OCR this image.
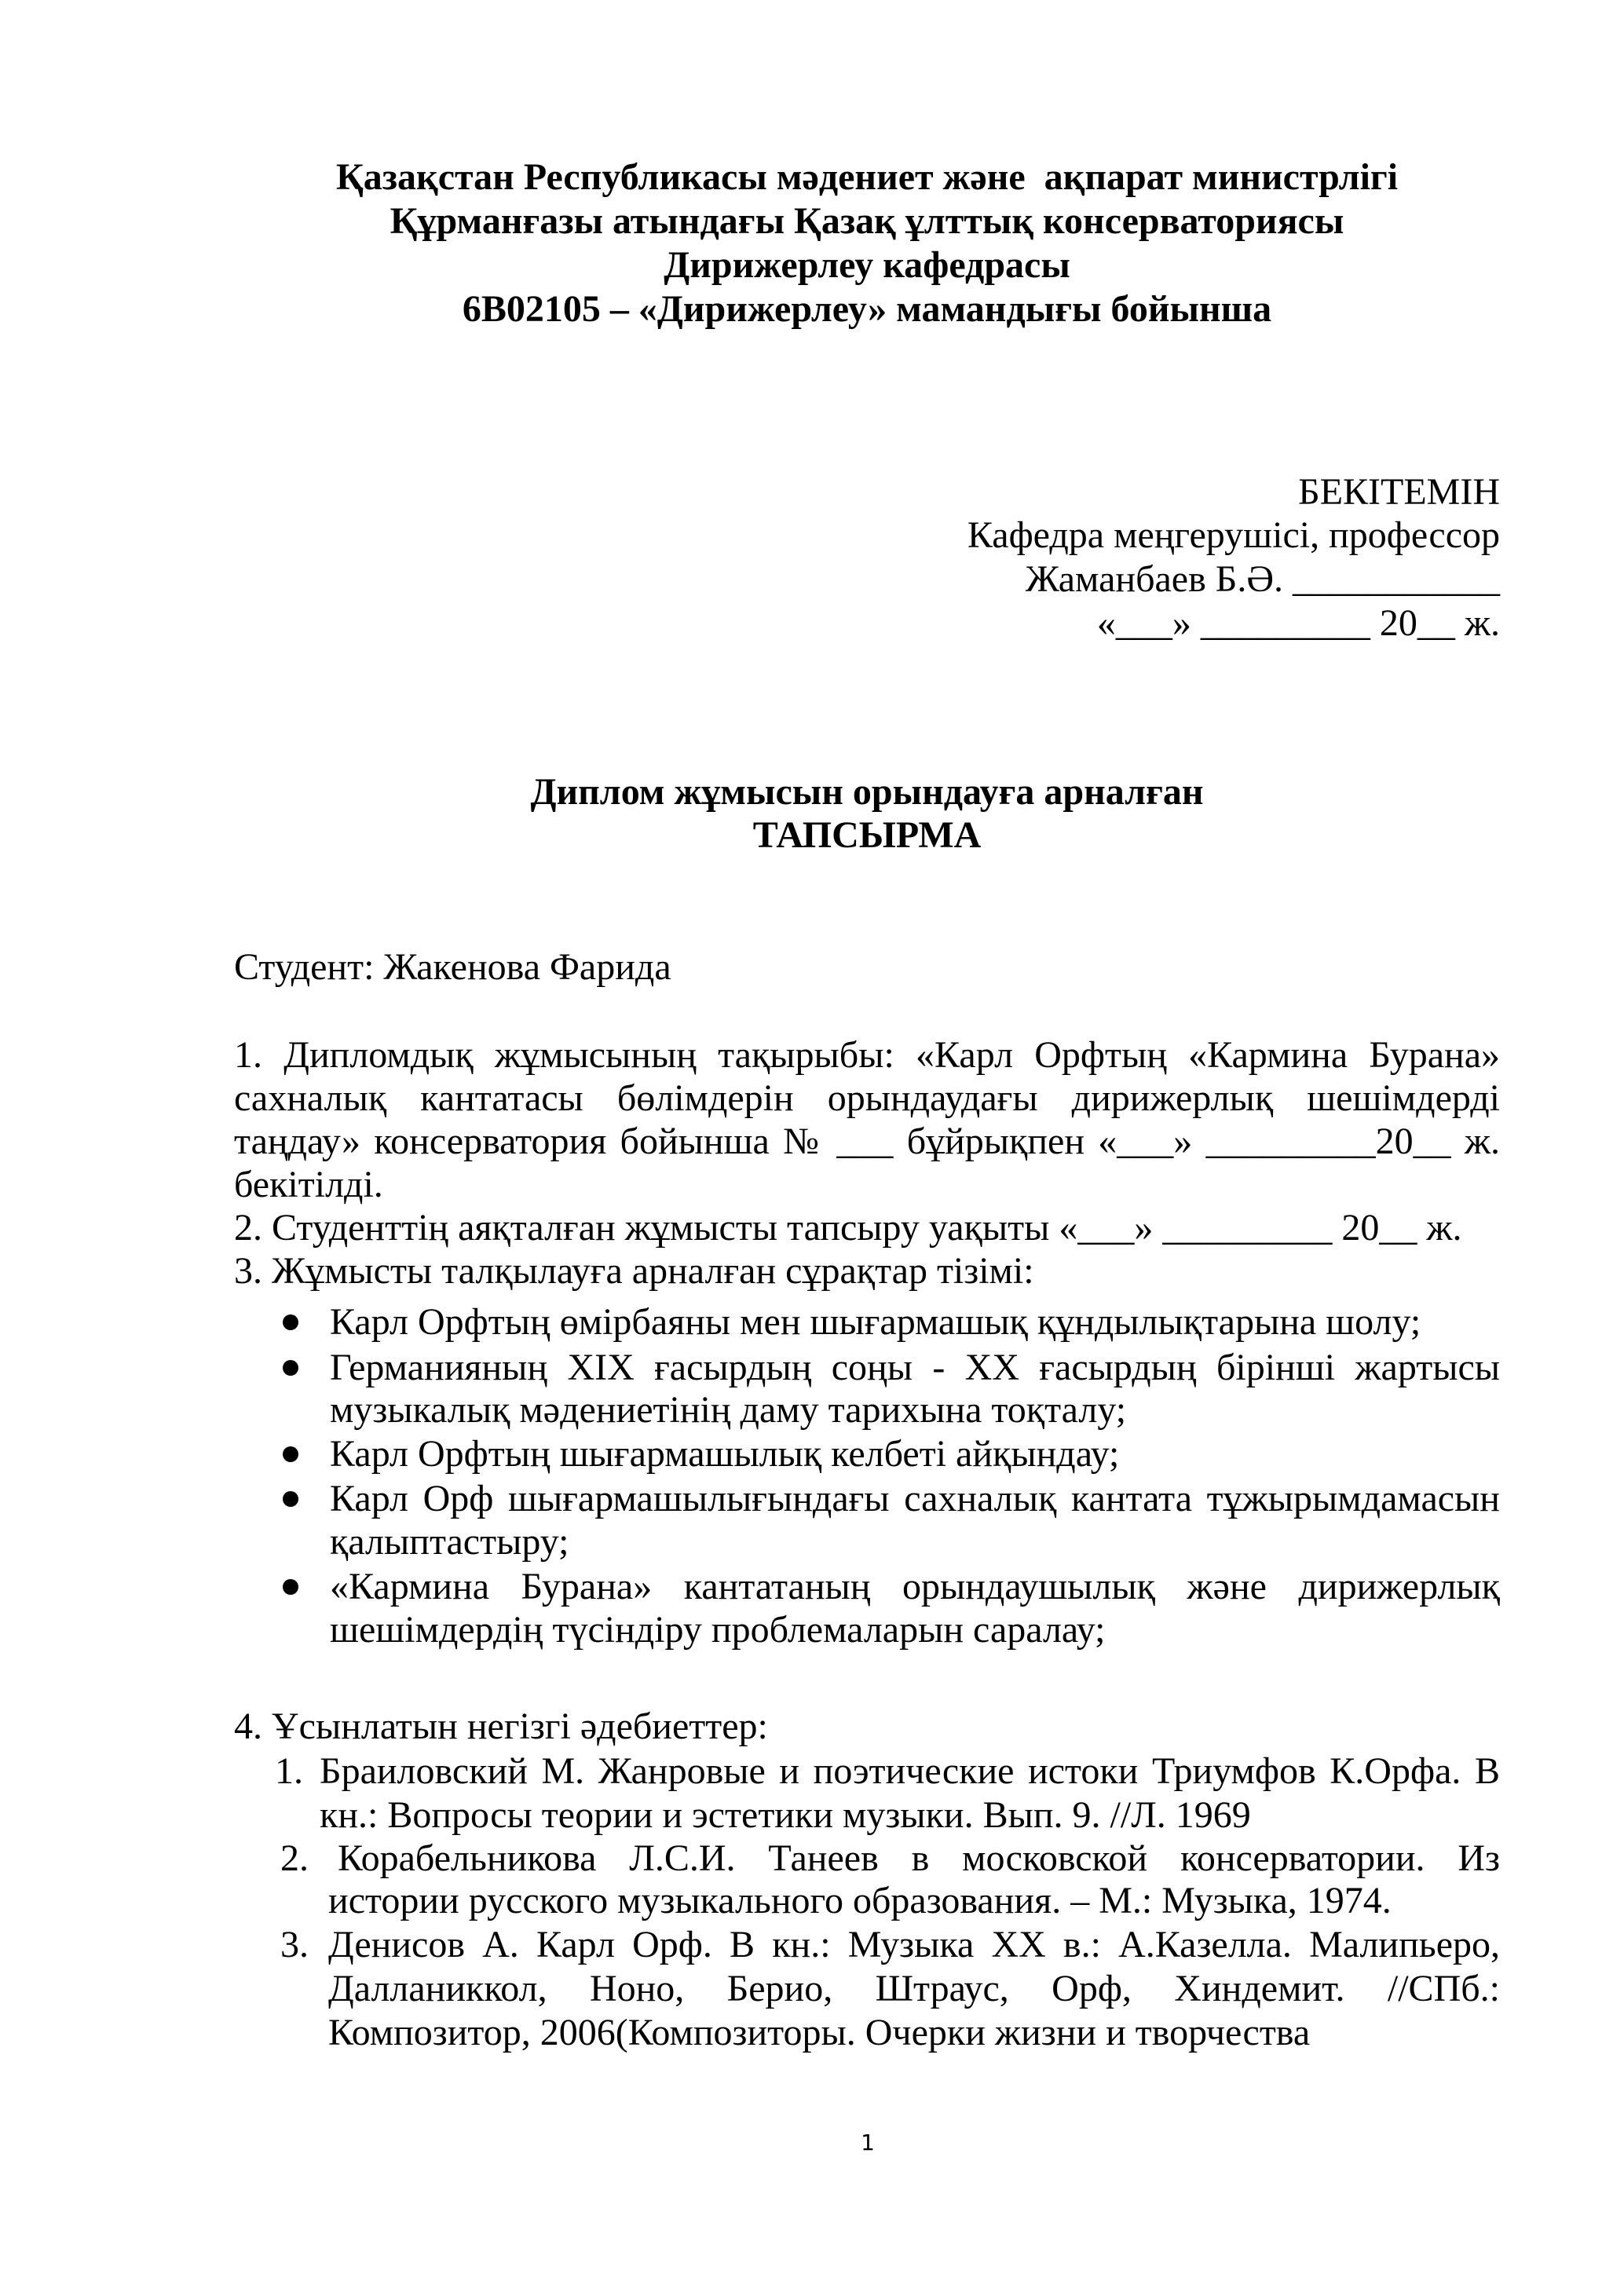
Қазақстан Республикасы мәдениет және  ақпарат министрлігі
Құрманғазы атындағы Қазақ ұлттық консерваториясы
Дирижерлеу кафедрасы
6В02105 – «Дирижерлеу» мамандығы бойынша
БЕКІТЕМІН
Кафедра меңгерушісі, профессор
Жаманбаев Б.Ә. ___________
«___» _________ 20__ ж.
Диплом жұмысын орындауға арналған
ТАПСЫРМА
Студент: Жакенова Фарида
1. Дипломдық жұмысының тақырыбы: «Карл Орфтың «Кармина Бурана»
сахналық кантатасы бөлімдерін орындаудағы дирижерлық шешімдерді
таңдау» консерватория бойынша № ___ бұйрықпен «___» _________20__ ж.
бекітілді.
2. Студенттің аяқталған жұмысты тапсыру уақыты «___» _________ 20__ ж.
3. Жұмысты талқылауға арналған сұрақтар тізімі:
Карл Орфтың өмірбаяны мен шығармашық құндылықтарына шолу;
Германияның XIX ғасырдың соңы - XX ғасырдың бірінші жартысы
музыкалық мәдениетінің даму тарихына тоқталу;
Карл Орфтың шығармашылық келбеті айқындау;
Карл Орф шығармашылығындағы сахналық кантата тұжырымдамасын
қалыптастыру;
«Кармина Бурана» кантатаның орындаушылық және дирижерлық
шешімдердің түсіндіру проблемаларын саралау;
4. Ұсынлатын негізгі әдебиеттер:
1. Браиловский М. Жанровые и поэтические истоки Триумфов К.Орфа. В
кн.: Вопросы теории и эстетики музыки. Вып. 9. //Л. 1969
2. Корабельникова Л.С.И. Танеев в московской консерватории. Из
истории русского музыкального образования. – М.: Музыка, 1974.
3. Денисов А. Карл Орф. В кн.: Музыка XX в.: А.Казелла. Малипьеро,
Далланиккол, Ноно, Берио, Штраус, Орф, Хиндемит. //СПб.:
Композитор, 2006(Композиторы. Очерки жизни и творчества
1
